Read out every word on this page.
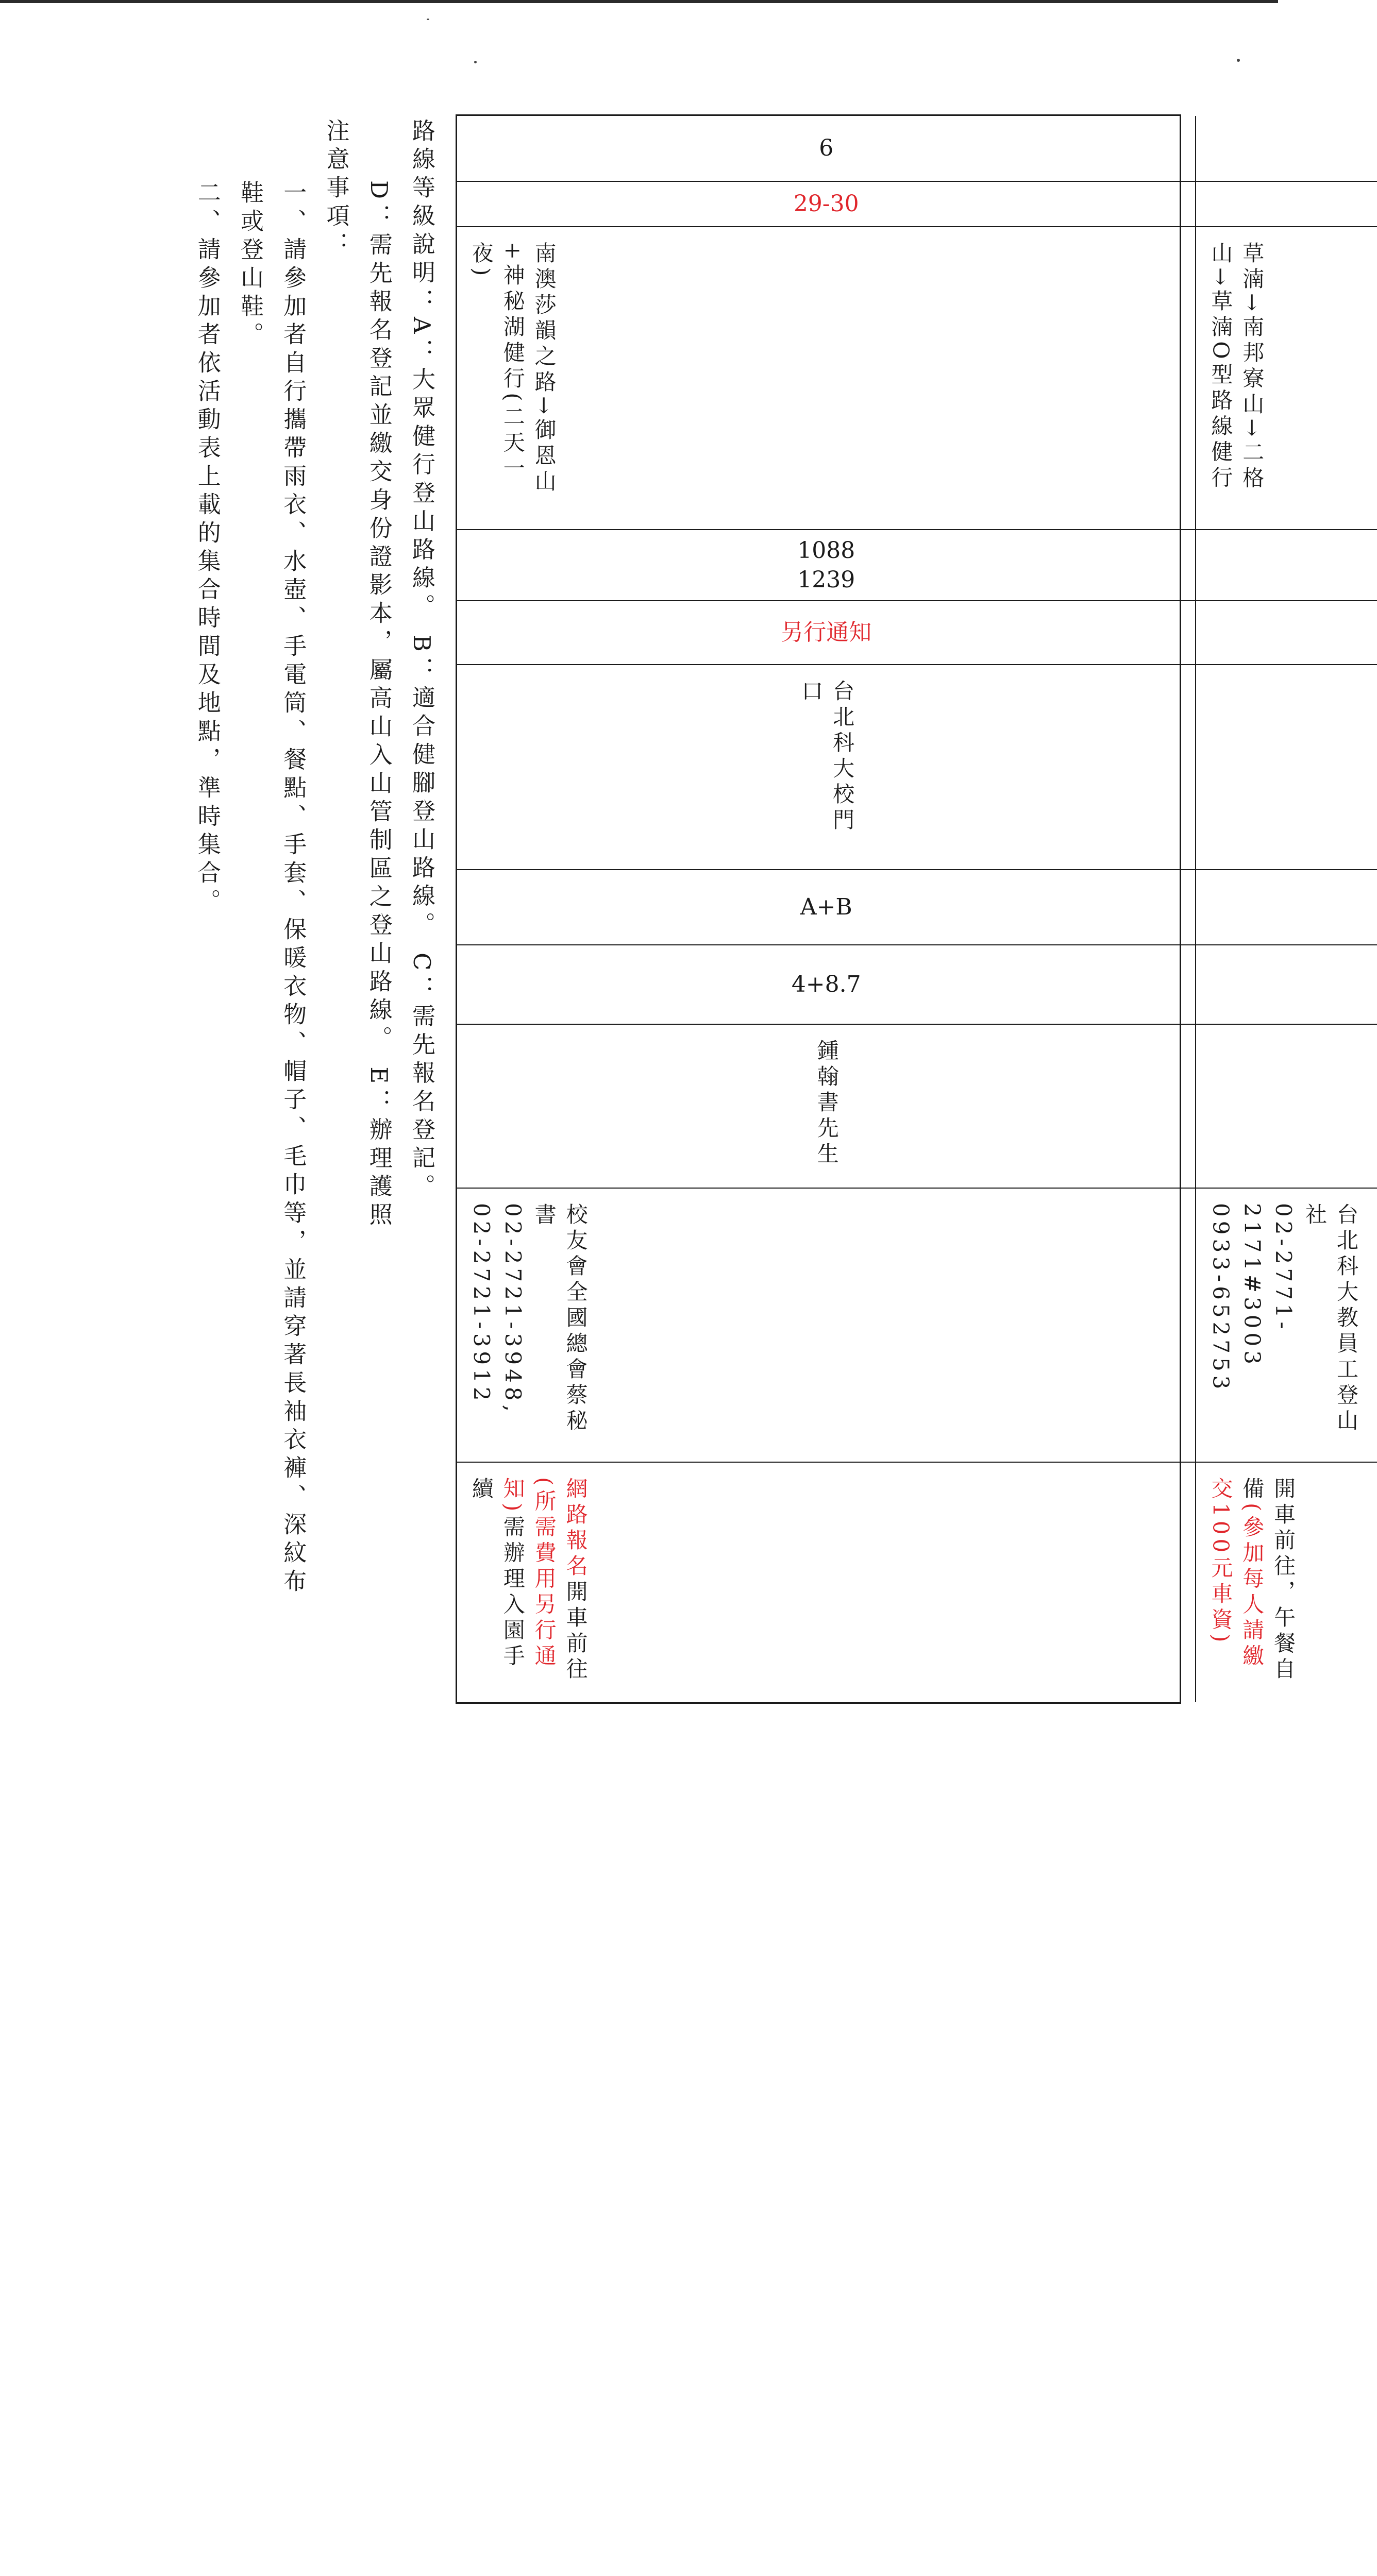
路線等級說明：A：大眾健行登山路線。 B：適合健腳登山路線。 C：需先報名登記。

D：需先報名登記並繳交身份證影本，屬高山入山管制區之登山路線。 E：辦理護照

注意事項：

一、請參加者自行攜帶雨衣、水壺、手電筒、餐點、手套、保暖衣物、帽子、毛巾等，並請穿著長袖衣褲、深紋布鞋或登山鞋。

二、請參加者依活動表上載的集合時間及地點，準時集合。

6
29-30
南澳莎韻之路→御恩山+神秘湖健行(二天一夜)
1088
1239
另行通知
台北科大校門口
A+B
4+8.7
鍾翰書先生
校友會全國總會蔡秘書
02-2721-3948,
02-2721-3912
網路報名開車前往(所需費用另行通知)需辦理入園手續
草湳→南邦寮山→二格山→草湳O型路線健行
台北科大教員工登山社
02-2771-2171#3003
0933-652753
開車前往，午餐自備(參加每人請繳交100元車資)
